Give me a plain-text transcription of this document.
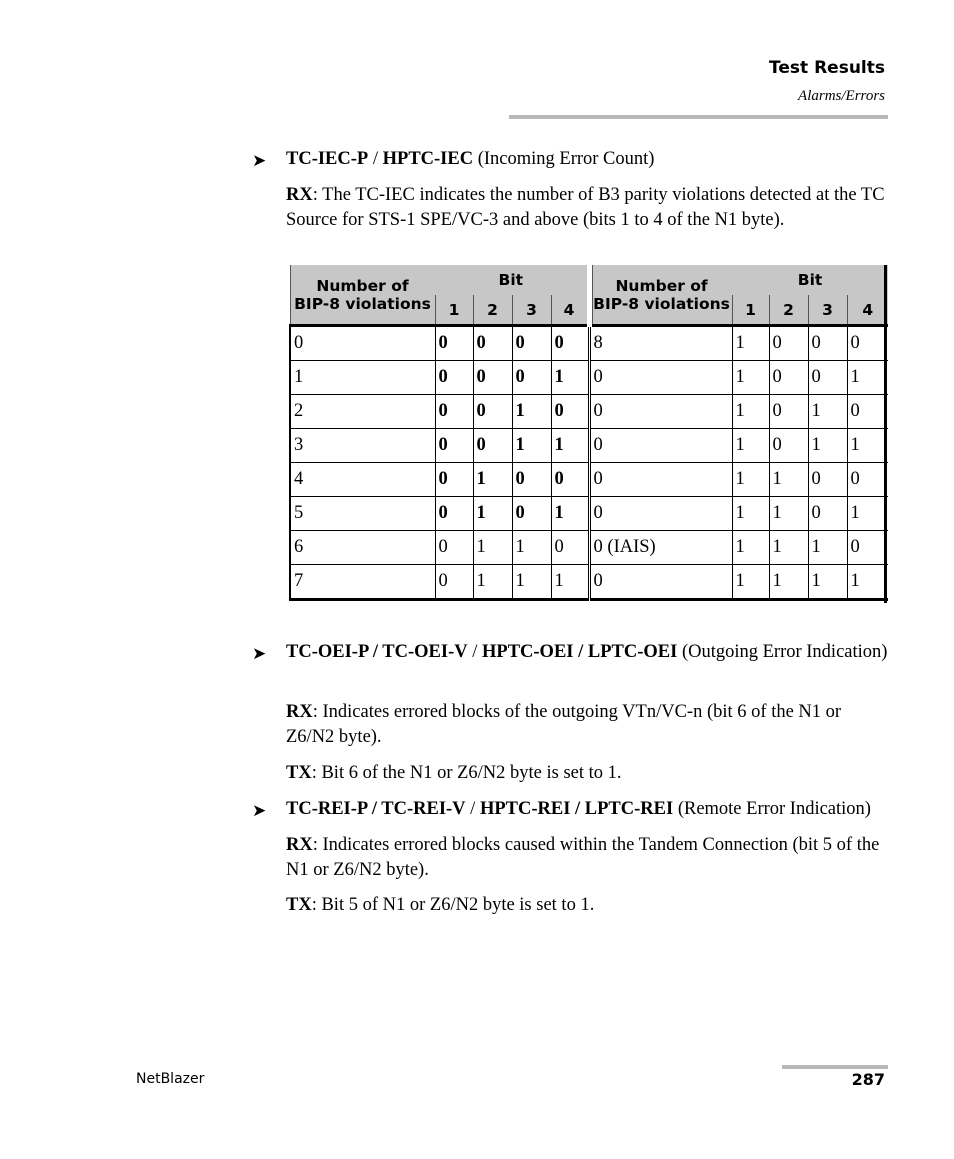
Test Results
Alarms/Errors
➤ TC-IEC-P / HPTC-IEC (Incoming Error Count)
RX: The TC-IEC indicates the number of B3 parity violations detected at the TC Source for STS-1 SPE/VC-3 and above (bits 1 to 4 of the N1 byte).
Number of
BIP-8 violations	Bit				Number of
BIP-8 violations	Bit			
	1	2	3	4		1	2	3	4
0	0	0	0	0	8	1	0	0	0
1	0	0	0	1	0	1	0	0	1
2	0	0	1	0	0	1	0	1	0
3	0	0	1	1	0	1	0	1	1
4	0	1	0	0	0	1	1	0	0
5	0	1	0	1	0	1	1	0	1
6	0	1	1	0	0 (IAIS)	1	1	1	0
7	0	1	1	1	0	1	1	1	1
➤ TC-OEI-P / TC-OEI-V / HPTC-OEI / LPTC-OEI (Outgoing Error Indication)
RX: Indicates errored blocks of the outgoing VTn/VC-n (bit 6 of the N1 or Z6/N2 byte).
TX: Bit 6 of the N1 or Z6/N2 byte is set to 1.
➤ TC-REI-P / TC-REI-V / HPTC-REI / LPTC-REI (Remote Error Indication)
RX: Indicates errored blocks caused within the Tandem Connection (bit 5 of the N1 or Z6/N2 byte).
TX: Bit 5 of N1 or Z6/N2 byte is set to 1.
NetBlazer	287
